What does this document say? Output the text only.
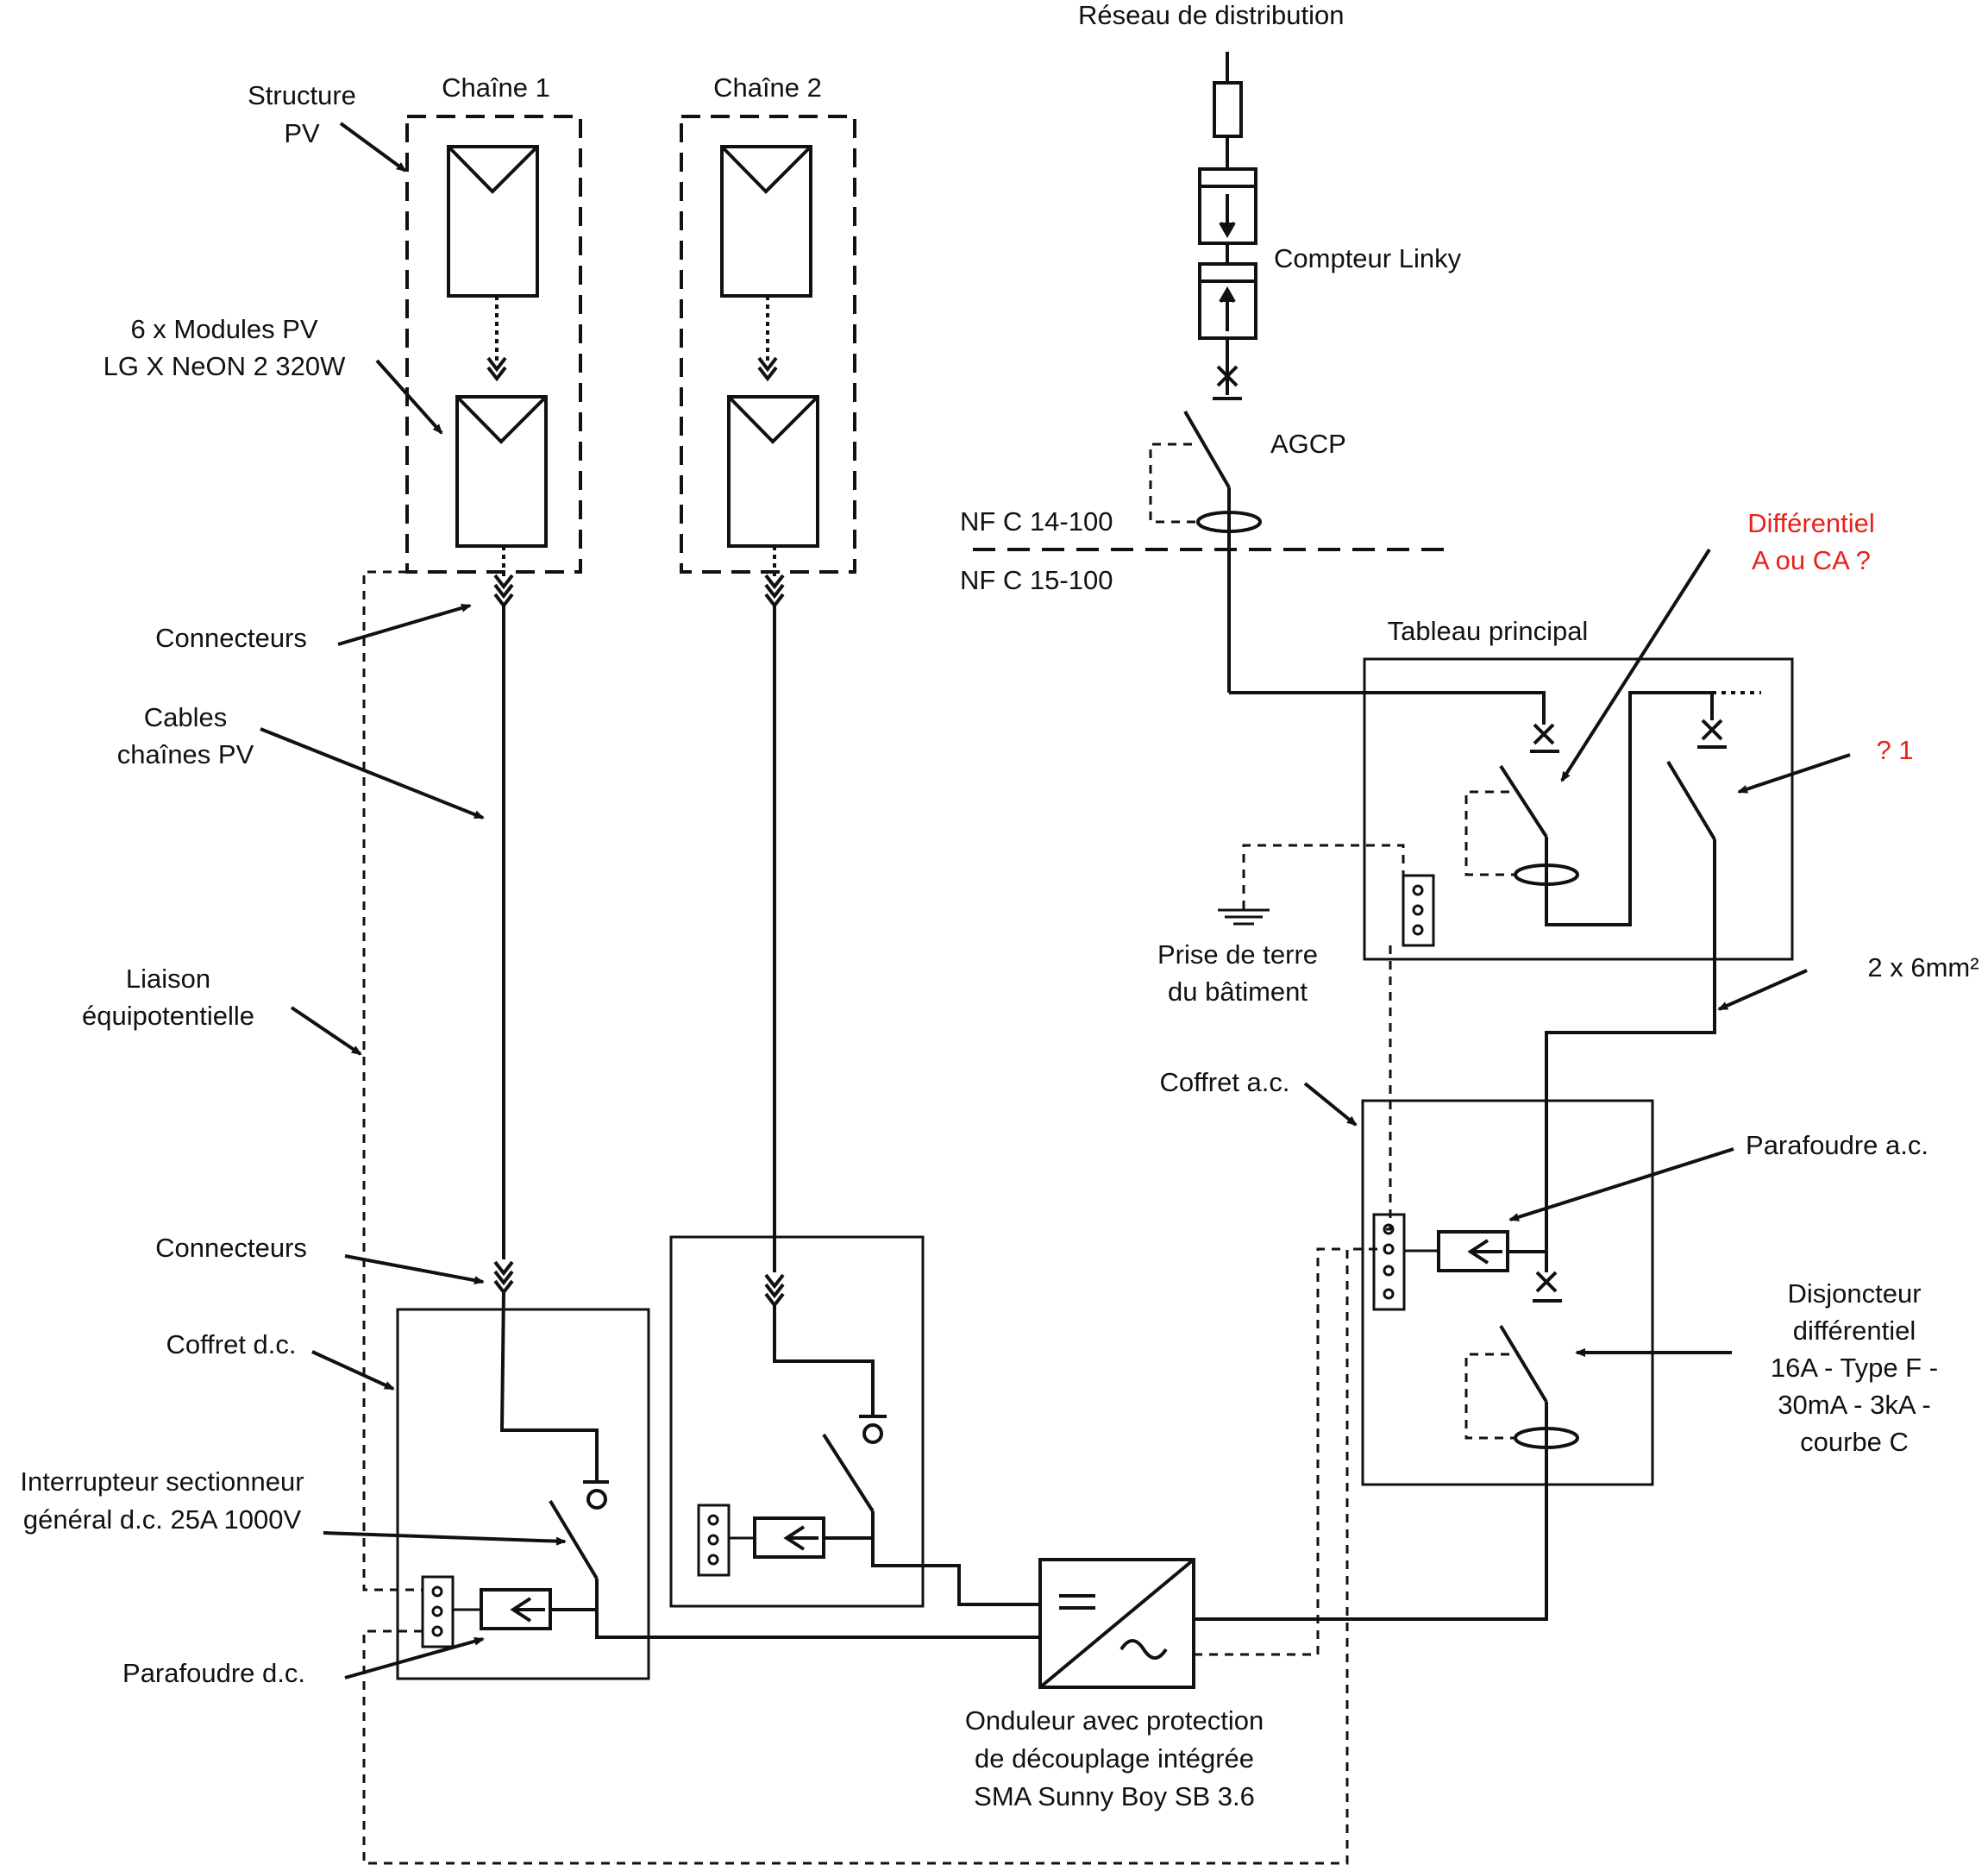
Réseau de distribution
Compteur Linky
AGCP
NF C 14-100
NF C 15-100
Structure
PV
Chaîne 1	Chaîne 2
6 x Modules PV
LG X NeON 2 320W
Connecteurs
Cables
chaînes PV
Liaison
équipotentielle
Connecteurs
Coffret d.c.
Interrupteur sectionneur
général d.c. 25A 1000V
Parafoudre d.c.
Onduleur avec protection
de découplage intégrée
SMA Sunny Boy SB 3.6
Tableau principal
Différentiel
A ou CA ?
? 1
Prise de terre
du bâtiment
2 x 6mm²
Coffret a.c.
Parafoudre a.c.
Disjoncteur
différentiel
16A - Type F -
30mA - 3kA -
courbe C
